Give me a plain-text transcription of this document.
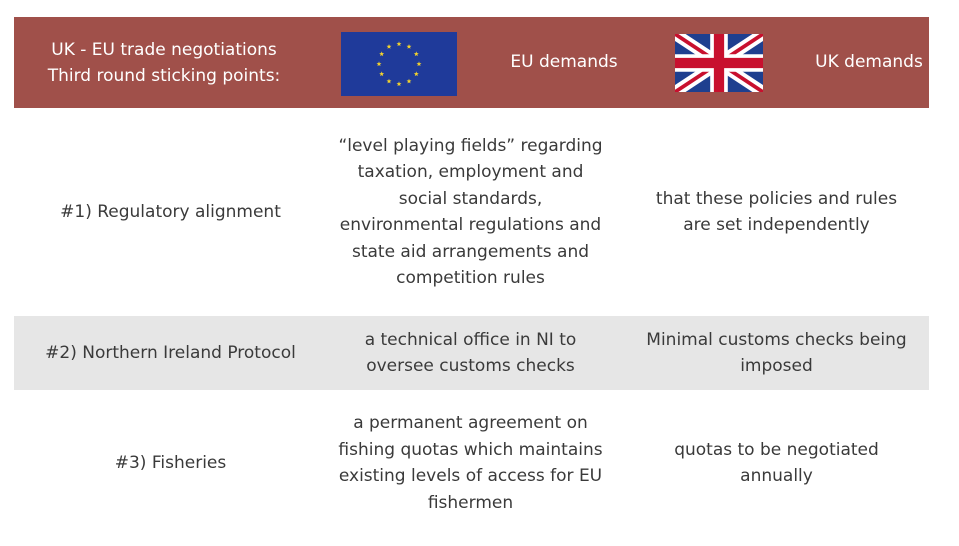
UK - EU trade negotiations
Third round sticking points:
EU demands	UK demands
#1) Regulatory alignment
“level playing fields” regarding
taxation, employment and
social standards,
environmental regulations and
state aid arrangements and
competition rules
that these policies and rules
are set independently
#2) Northern Ireland Protocol
a technical office in NI to
oversee customs checks
Minimal customs checks being
imposed
#3) Fisheries
a permanent agreement on
fishing quotas which maintains
existing levels of access for EU
fishermen
quotas to be negotiated
annually
